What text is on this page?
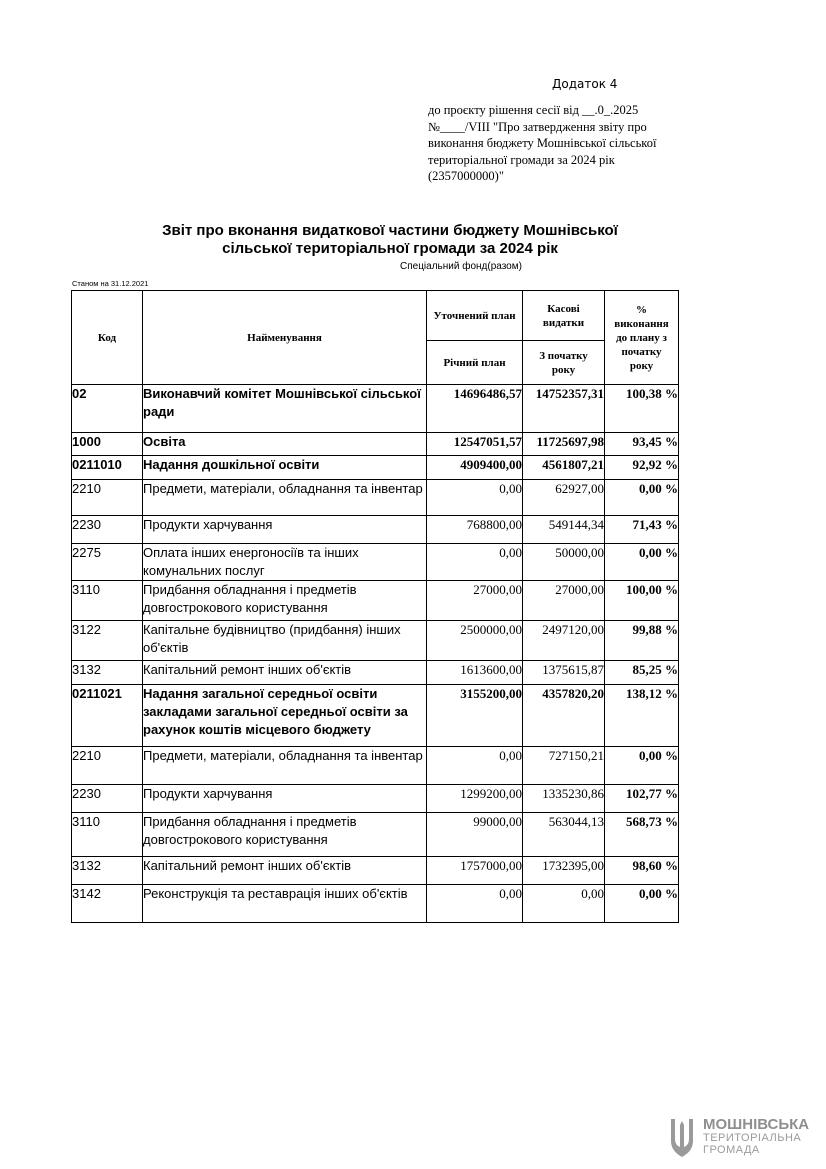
Додаток 4
до проєкту рішення сесії від __.0_.2025
№____/VIII "Про затвердження звіту про
виконання бюджету Мошнівської сільської
територіальної громади за 2024 рік
(2357000000)"
Звіт про вконання видаткової частини бюджету Мошнівської
сільської територіальної громади за 2024 рік
Спеціальний фонд(разом)
Станом на 31.12.2021
Код	Найменування	Уточнений план	Касові видатки	% виконання до плану з початку року
		Річний план	З початку року	
02	Виконавчий комітет Мошнівської сільської ради	14696486,57	14752357,31	100,38 %
1000	Освіта	12547051,57	11725697,98	93,45 %
0211010	Надання дошкільної освіти	4909400,00	4561807,21	92,92 %
2210	Предмети, матеріали, обладнання та інвентар	0,00	62927,00	0,00 %
2230	Продукти харчування	768800,00	549144,34	71,43 %
2275	Оплата інших енергоносіїв та інших комунальних послуг	0,00	50000,00	0,00 %
3110	Придбання обладнання і предметів довгострокового користування	27000,00	27000,00	100,00 %
3122	Капітальне будівництво (придбання) інших об'єктів	2500000,00	2497120,00	99,88 %
3132	Капітальний ремонт інших об'єктів	1613600,00	1375615,87	85,25 %
0211021	Надання загальної середньої освіти закладами загальної середньої освіти за рахунок коштів місцевого бюджету	3155200,00	4357820,20	138,12 %
2210	Предмети, матеріали, обладнання та інвентар	0,00	727150,21	0,00 %
2230	Продукти харчування	1299200,00	1335230,86	102,77 %
3110	Придбання обладнання і предметів довгострокового користування	99000,00	563044,13	568,73 %
3132	Капітальний ремонт інших об'єктів	1757000,00	1732395,00	98,60 %
3142	Реконструкція та реставрація інших об'єктів	0,00	0,00	0,00 %
МОШНІВСЬКА
ТЕРИТОРІАЛЬНА
ГРОМАДА
